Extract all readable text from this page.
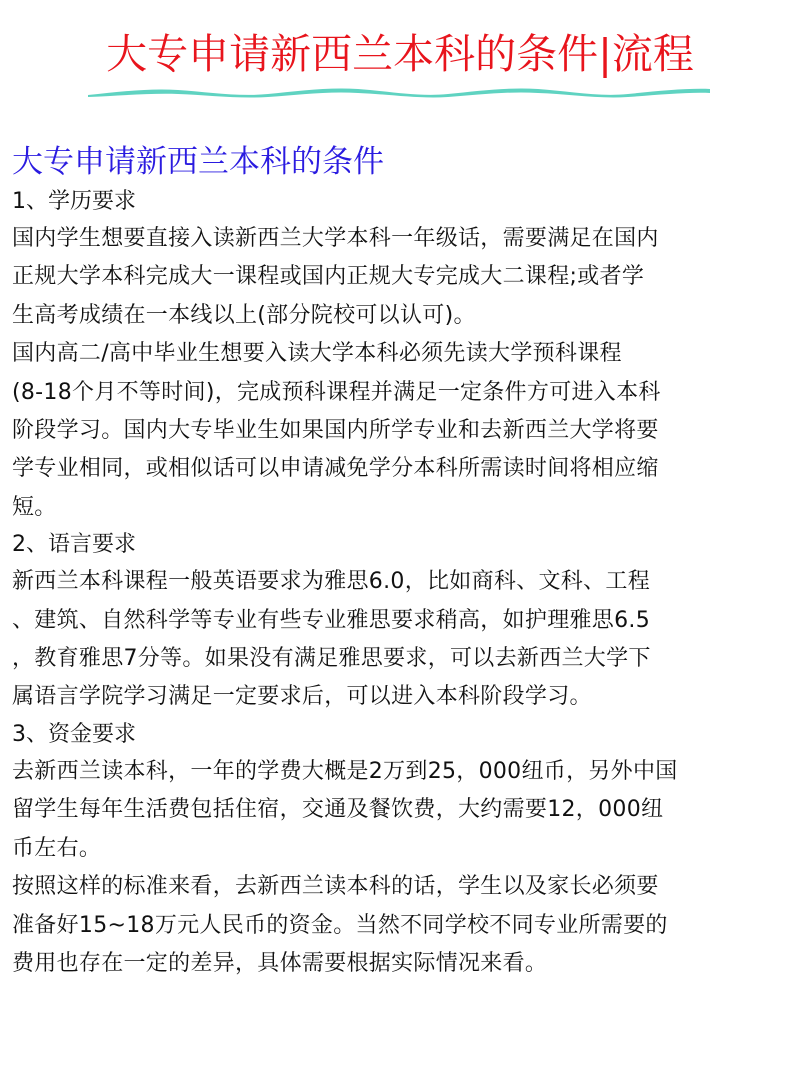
大专申请新西兰本科的条件|流程
大专申请新西兰本科的条件
1、学历要求

国内学生想要直接入读新西兰大学本科一年级话，需要满足在国内
正规大学本科完成大一课程或国内正规大专完成大二课程;或者学
生高考成绩在一本线以上(部分院校可以认可)。

国内高二/高中毕业生想要入读大学本科必须先读大学预科课程
(8-18个月不等时间)，完成预科课程并满足一定条件方可进入本科
阶段学习。国内大专毕业生如果国内所学专业和去新西兰大学将要
学专业相同，或相似话可以申请减免学分本科所需读时间将相应缩
短。

2、语言要求

新西兰本科课程一般英语要求为雅思6.0，比如商科、文科、工程
、建筑、自然科学等专业有些专业雅思要求稍高，如护理雅思6.5
，教育雅思7分等。如果没有满足雅思要求，可以去新西兰大学下
属语言学院学习满足一定要求后，可以进入本科阶段学习。

3、资金要求

去新西兰读本科，一年的学费大概是2万到25，000纽币，另外中国
留学生每年生活费包括住宿，交通及餐饮费，大约需要12，000纽
币左右。

按照这样的标准来看，去新西兰读本科的话，学生以及家长必须要
准备好15~18万元人民币的资金。当然不同学校不同专业所需要的
费用也存在一定的差异，具体需要根据实际情况来看。
